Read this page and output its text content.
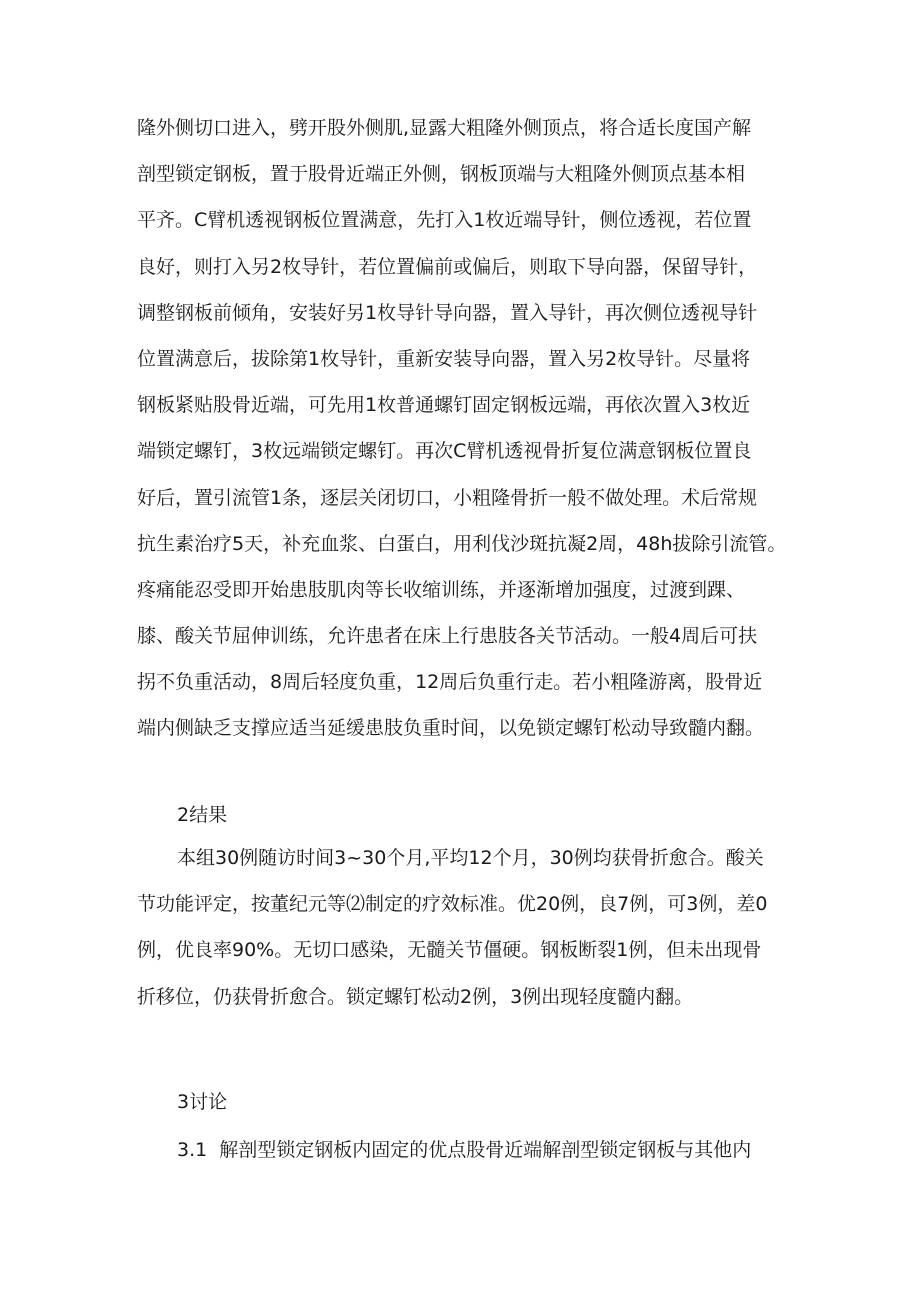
隆外侧切口进入，劈开股外侧肌,显露大粗隆外侧顶点，将合适长度国产解
剖型锁定钢板，置于股骨近端正外侧，钢板顶端与大粗隆外侧顶点基本相
平齐。C臂机透视钢板位置满意，先打入1枚近端导针，侧位透视，若位置
良好，则打入另2枚导针，若位置偏前或偏后，则取下导向器，保留导针，
调整钢板前倾角，安装好另1枚导针导向器，置入导针，再次侧位透视导针
位置满意后，拔除第1枚导针，重新安装导向器，置入另2枚导针。尽量将
钢板紧贴股骨近端，可先用1枚普通螺钉固定钢板远端，再依次置入3枚近
端锁定螺钉，3枚远端锁定螺钉。再次C臂机透视骨折复位满意钢板位置良
好后，置引流管1条，逐层关闭切口，小粗隆骨折一般不做处理。术后常规
抗生素治疗5天，补充血浆、白蛋白，用利伐沙斑抗凝2周，48h拔除引流管。
疼痛能忍受即开始患肢肌肉等长收缩训练，并逐渐增加强度，过渡到踝、
膝、酸关节屈伸训练，允许患者在床上行患肢各关节活动。一般4周后可扶
拐不负重活动，8周后轻度负重，12周后负重行走。若小粗隆游离，股骨近
端内侧缺乏支撑应适当延缓患肢负重时间，以免锁定螺钉松动导致髓内翻。

2结果

本组30例随访时间3~30个月,平均12个月，30例均获骨折愈合。酸关
节功能评定，按董纪元等⑵制定的疗效标准。优20例，良7例，可3例，差0
例，优良率90%。无切口感染，无髓关节僵硬。钢板断裂1例，但未出现骨
折移位，仍获骨折愈合。锁定螺钉松动2例，3例出现轻度髓内翻。

3讨论

3.1  解剖型锁定钢板内固定的优点股骨近端解剖型锁定钢板与其他内
